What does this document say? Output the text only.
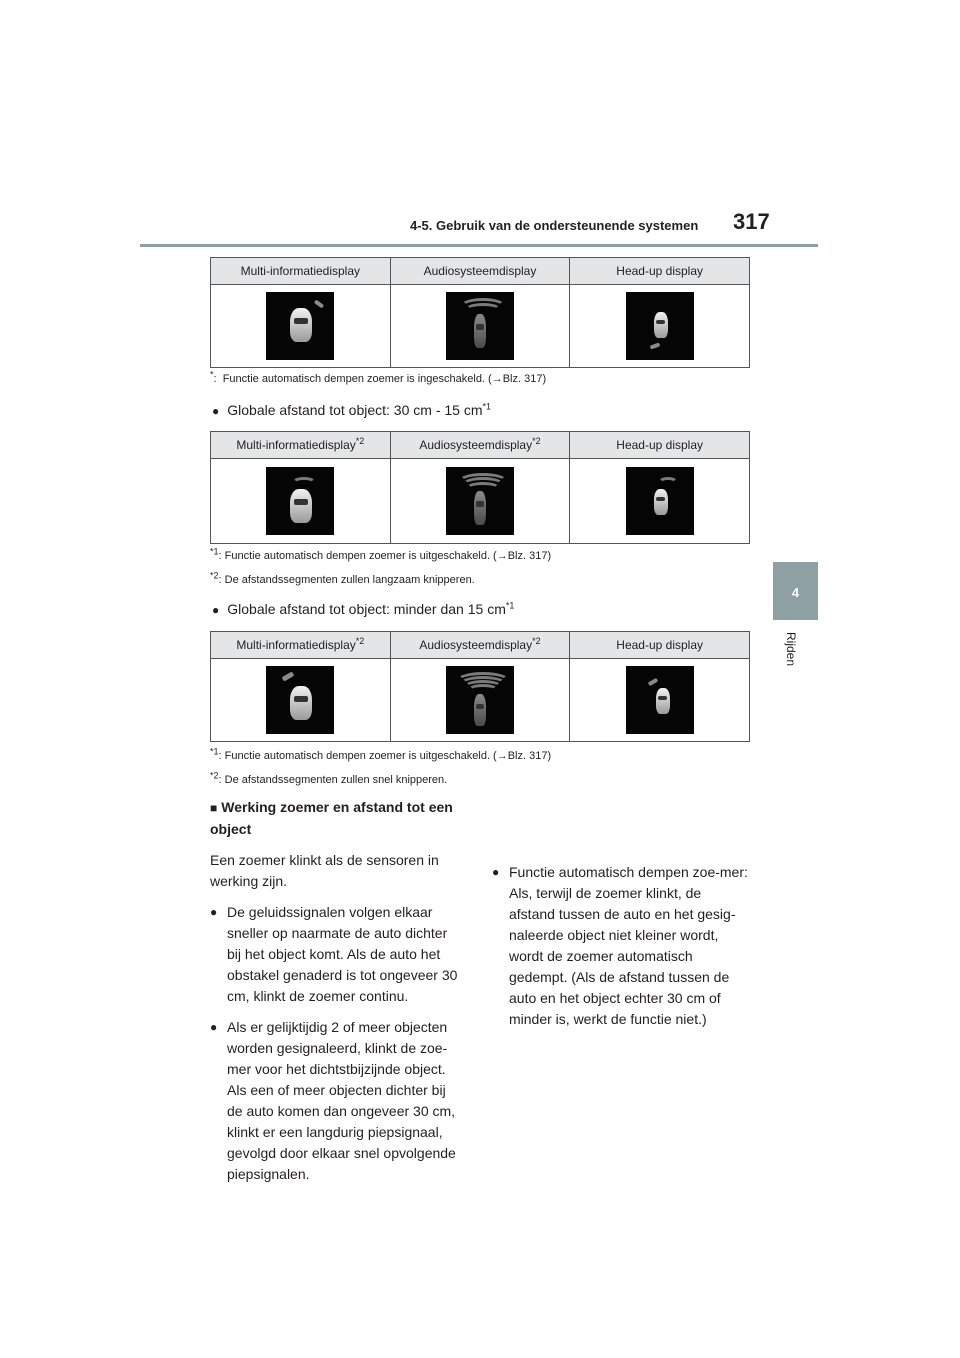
4-5. Gebruik van de ondersteunende systemen 317
4
Rijden
Multi-informatiedisplay	Audiosysteemdisplay	Head-up display

*:  Functie automatisch dempen zoemer is ingeschakeld. (→Blz. 317)
● Globale afstand tot object: 30 cm - 15 $cm^{*1}$
Multi-informatiedisplay$^{*2}$	Audiosysteemdisplay$^{*2}$	Head-up display

$^{*1}$: Functie automatisch dempen zoemer is uitgeschakeld. (→Blz. 317)
$^{*2}$: De afstandssegmenten zullen langzaam knipperen.
● Globale afstand tot object: minder dan 15 $cm^{*1}$
Multi-informatiedisplay$^{*2}$	Audiosysteemdisplay$^{*2}$	Head-up display

$^{*1}$: Functie automatisch dempen zoemer is uitgeschakeld. (→Blz. 317)
$^{*2}$: De afstandssegmenten zullen snel knipperen.

■ Werking zoemer en afstand tot een object

Een zoemer klinkt als de sensoren in werking zijn.

● De geluidssignalen volgen elkaar sneller op naarmate de auto dichter bij het object komt. Als de auto het obstakel genaderd is tot ongeveer 30 cm, klinkt de zoemer continu.

● Als er gelijktijdig 2 of meer objecten worden gesignaleerd, klinkt de zoe-mer voor het dichtstbijzijnde object. Als een of meer objecten dichter bij de auto komen dan ongeveer 30 cm, klinkt er een langdurig piepsignaal, gevolgd door elkaar snel opvolgende piepsignalen.

● Functie automatisch dempen zoe-mer: Als, terwijl de zoemer klinkt, de afstand tussen de auto en het gesig-naleerde object niet kleiner wordt, wordt de zoemer automatisch gedempt. (Als de afstand tussen de auto en het object echter 30 cm of minder is, werkt de functie niet.)
